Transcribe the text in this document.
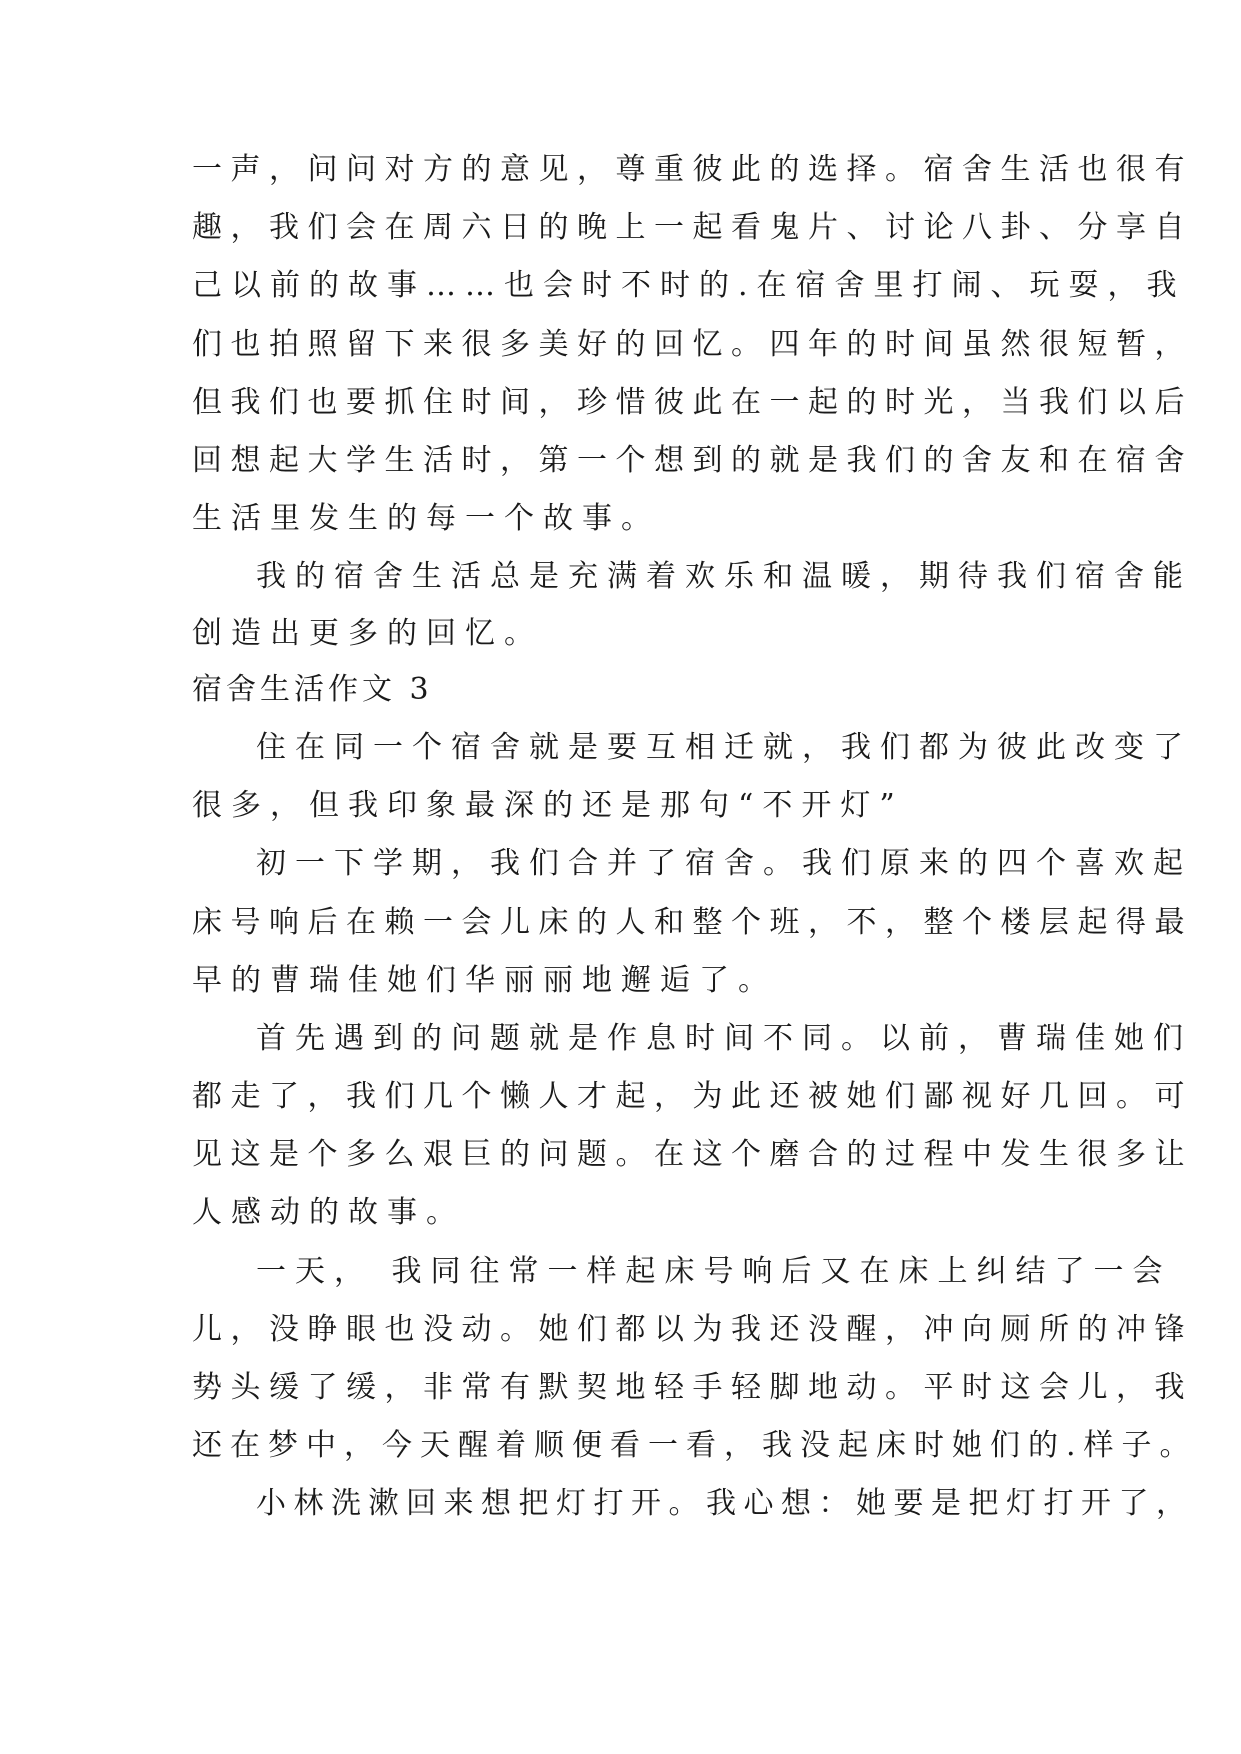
一声，问问对方的意见，尊重彼此的选择。宿舍生活也很有
趣，我们会在周六日的晚上一起看鬼片、讨论八卦、分享自
己以前的故事……也会时不时的.在宿舍里打闹、玩耍，我
们也拍照留下来很多美好的回忆。四年的时间虽然很短暂，
但我们也要抓住时间，珍惜彼此在一起的时光，当我们以后
回想起大学生活时，第一个想到的就是我们的舍友和在宿舍
生活里发生的每一个故事。
我的宿舍生活总是充满着欢乐和温暖，期待我们宿舍能
创造出更多的回忆。
宿舍生活作文 3
住在同一个宿舍就是要互相迁就，我们都为彼此改变了
很多，但我印象最深的还是那句“不开灯”
初一下学期，我们合并了宿舍。我们原来的四个喜欢起
床号响后在赖一会儿床的人和整个班，不，整个楼层起得最
早的曹瑞佳她们华丽丽地邂逅了。
首先遇到的问题就是作息时间不同。以前，曹瑞佳她们
都走了，我们几个懒人才起，为此还被她们鄙视好几回。可
见这是个多么艰巨的问题。在这个磨合的过程中发生很多让
人感动的故事。
一天， 我同往常一样起床号响后又在床上纠结了一会
儿，没睁眼也没动。她们都以为我还没醒，冲向厕所的冲锋
势头缓了缓，非常有默契地轻手轻脚地动。平时这会儿，我
还在梦中，今天醒着顺便看一看，我没起床时她们的.样子。
小林洗漱回来想把灯打开。我心想：她要是把灯打开了，
